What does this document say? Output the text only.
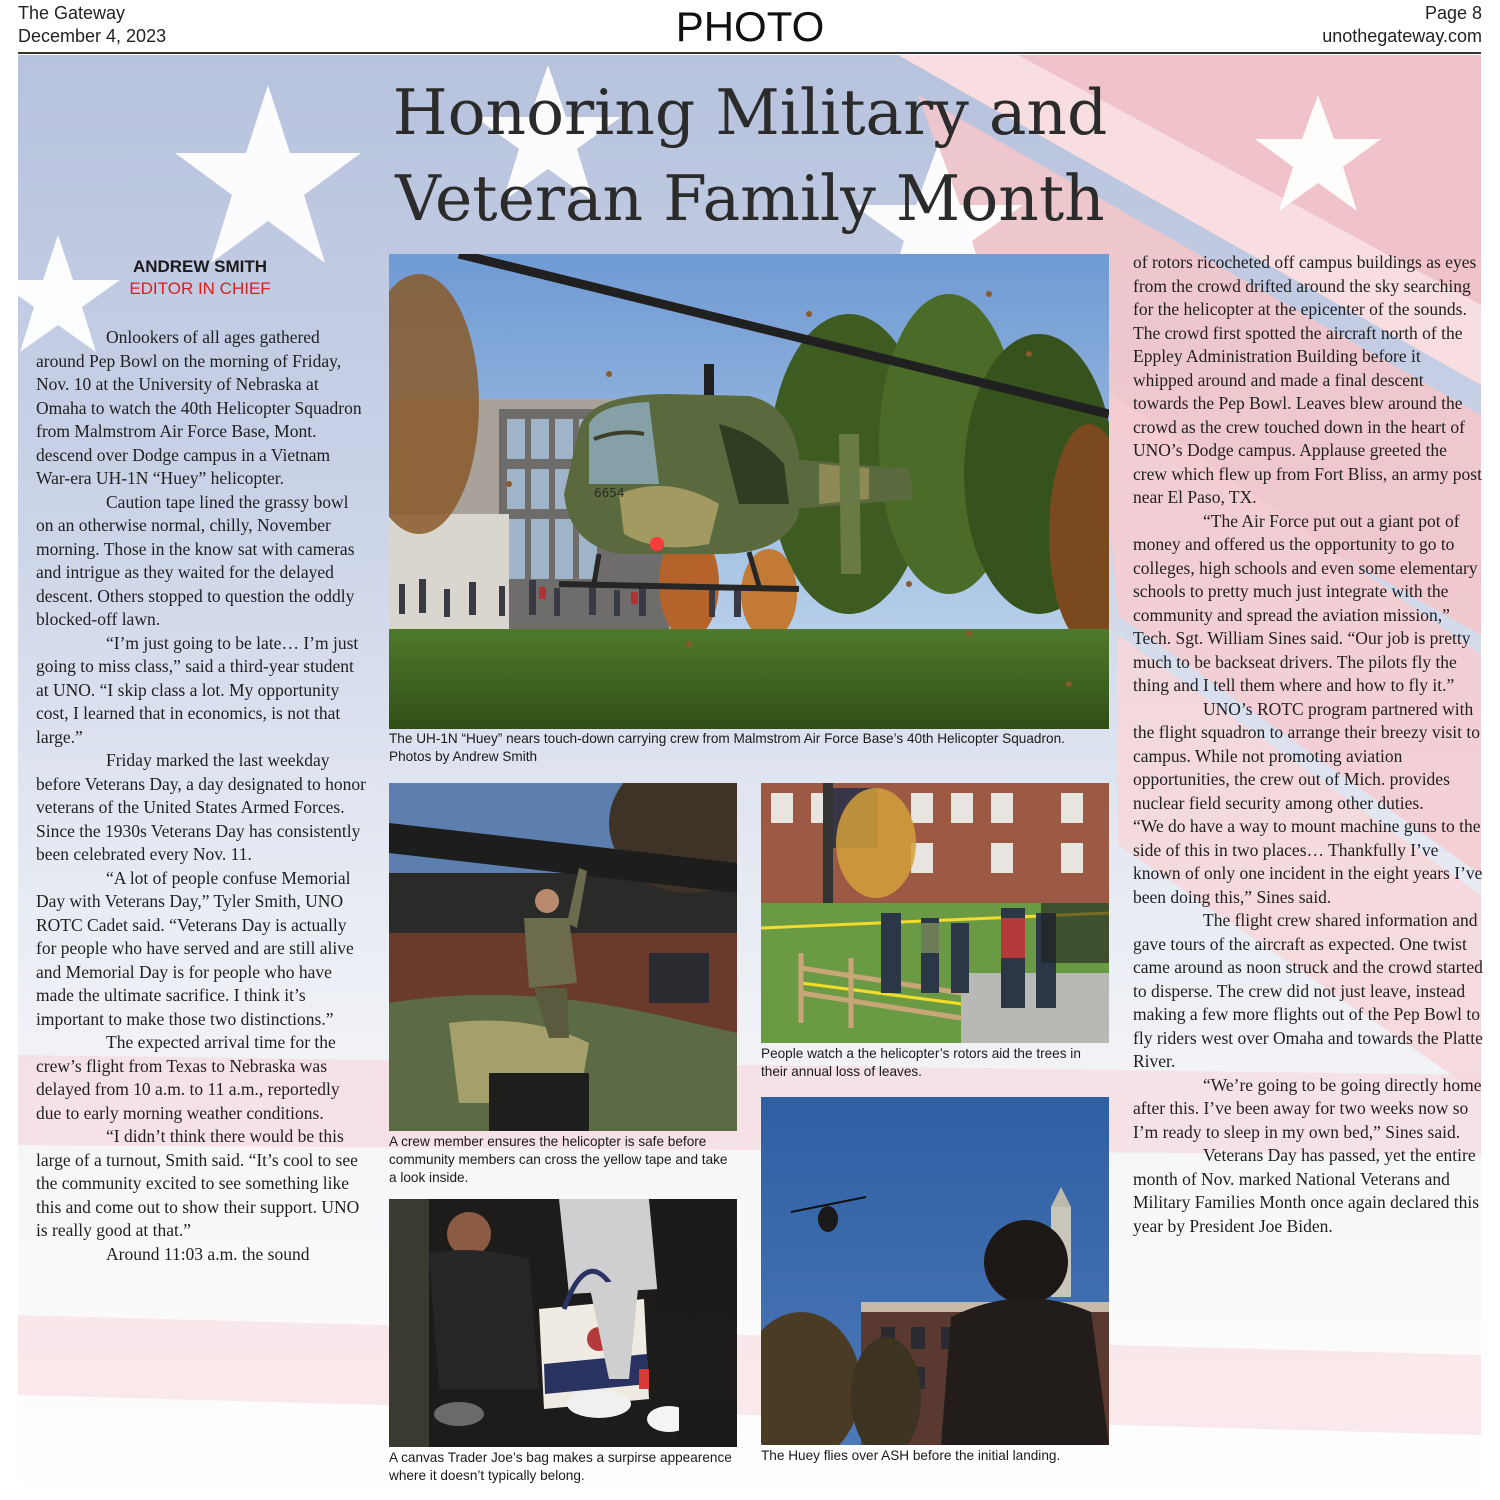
The Gateway
December 4, 2023	PHOTO	Page 8
unothegateway.com
Honoring Military and Veteran Family Month
ANDREW SMITH
EDITOR IN CHIEF

Onlookers of all ages gathered around Pep Bowl on the morning of Friday, Nov. 10 at the University of Nebraska at Omaha to watch the 40th Helicopter Squadron from Malmstrom Air Force Base, Mont. descend over Dodge campus in a Vietnam War-era UH-1N “Huey” helicopter.

Caution tape lined the grassy bowl on an otherwise normal, chilly, November morning. Those in the know sat with cameras and intrigue as they waited for the delayed descent. Others stopped to question the oddly blocked-off lawn.

“I’m just going to be late… I’m just going to miss class,” said a third-year student at UNO. “I skip class a lot. My opportunity cost, I learned that in economics, is not that large.”

Friday marked the last weekday before Veterans Day, a day designated to honor veterans of the United States Armed Forces. Since the 1930s Veterans Day has consistently been celebrated every Nov. 11.

“A lot of people confuse Memorial Day with Veterans Day,” Tyler Smith, UNO ROTC Cadet said. “Veterans Day is actually for people who have served and are still alive and Memorial Day is for people who have made the ultimate sacrifice. I think it’s important to make those two distinctions.”

The expected arrival time for the crew’s flight from Texas to Nebraska was delayed from 10 a.m. to 11 a.m., reportedly due to early morning weather conditions.

“I didn’t think there would be this large of a turnout, Smith said. “It’s cool to see the community excited to see something like this and come out to show their support. UNO is really good at that.”

Around 11:03 a.m. the sound

of rotors ricocheted off campus buildings as eyes from the crowd drifted around the sky searching for the helicopter at the epicenter of the sounds. The crowd first spotted the aircraft north of the Eppley Administration Building before it whipped around and made a final descent towards the Pep Bowl. Leaves blew around the crowd as the crew touched down in the heart of UNO’s Dodge campus. Applause greeted the crew which flew up from Fort Bliss, an army post near El Paso, TX.

“The Air Force put out a giant pot of money and offered us the opportunity to go to colleges, high schools and even some elementary schools to pretty much just integrate with the community and spread the aviation mission,” Tech. Sgt. William Sines said. “Our job is pretty much to be backseat drivers. The pilots fly the thing and I tell them where and how to fly it.”

UNO’s ROTC program partnered with the flight squadron to arrange their breezy visit to campus. While not promoting aviation opportunities, the crew out of Mich. provides nuclear field security among other duties.

“We do have a way to mount machine guns to the side of this in two places… Thankfully I’ve known of only one incident in the eight years I’ve been doing this,” Sines said.

The flight crew shared information and gave tours of the aircraft as expected. One twist came around as noon struck and the crowd started to disperse. The crew did not just leave, instead making a few more flights out of the Pep Bowl to fly riders west over Omaha and towards the Platte River.

“We’re going to be going directly home after this. I’ve been away for two weeks now so I’m ready to sleep in my own bed,” Sines said.

Veterans Day has passed, yet the entire month of Nov. marked National Veterans and Military Families Month once again declared this year by President Joe Biden.

6654

The UH-1N “Huey” nears touch-down carrying crew from Malmstrom Air Force Base’s 40th Helicopter Squadron. Photos by Andrew Smith

A crew member ensures the helicopter is safe before community members can cross the yellow tape and take a look inside.

People watch a the helicopter’s rotors aid the trees in their annual loss of leaves.

A canvas Trader Joe’s bag makes a surpirse appearence where it doesn’t typically belong.

The Huey flies over ASH before the initial landing.
